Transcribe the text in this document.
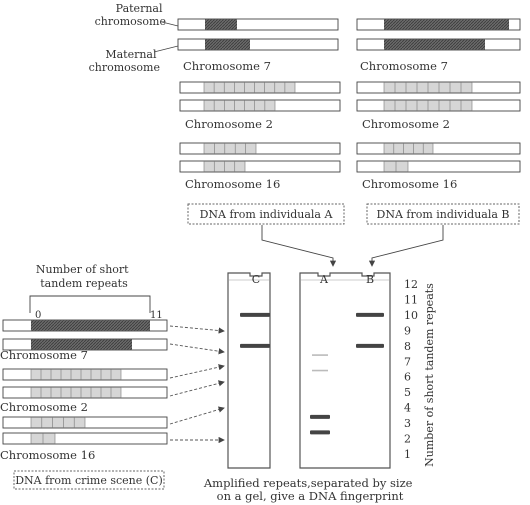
Paternal chromosome
Maternal chromosome Chromosome 7
Chromosome 2
Chromosome 16
Chromosome 7
Chromosome 2
Chromosome 16
DNA from individuala A	DNA from individuala B
Number of short tandem repeats
0	11
Chromosome 7
Chromosome 2
Chromosome 16
DNA from crime scene (C)
C	A	B
1
2
3
4
5
6
7
8
9
10
11
12 Number of short tandem repeats
Amplified repeats,separated by size on a gel, give a DNA fingerprint
